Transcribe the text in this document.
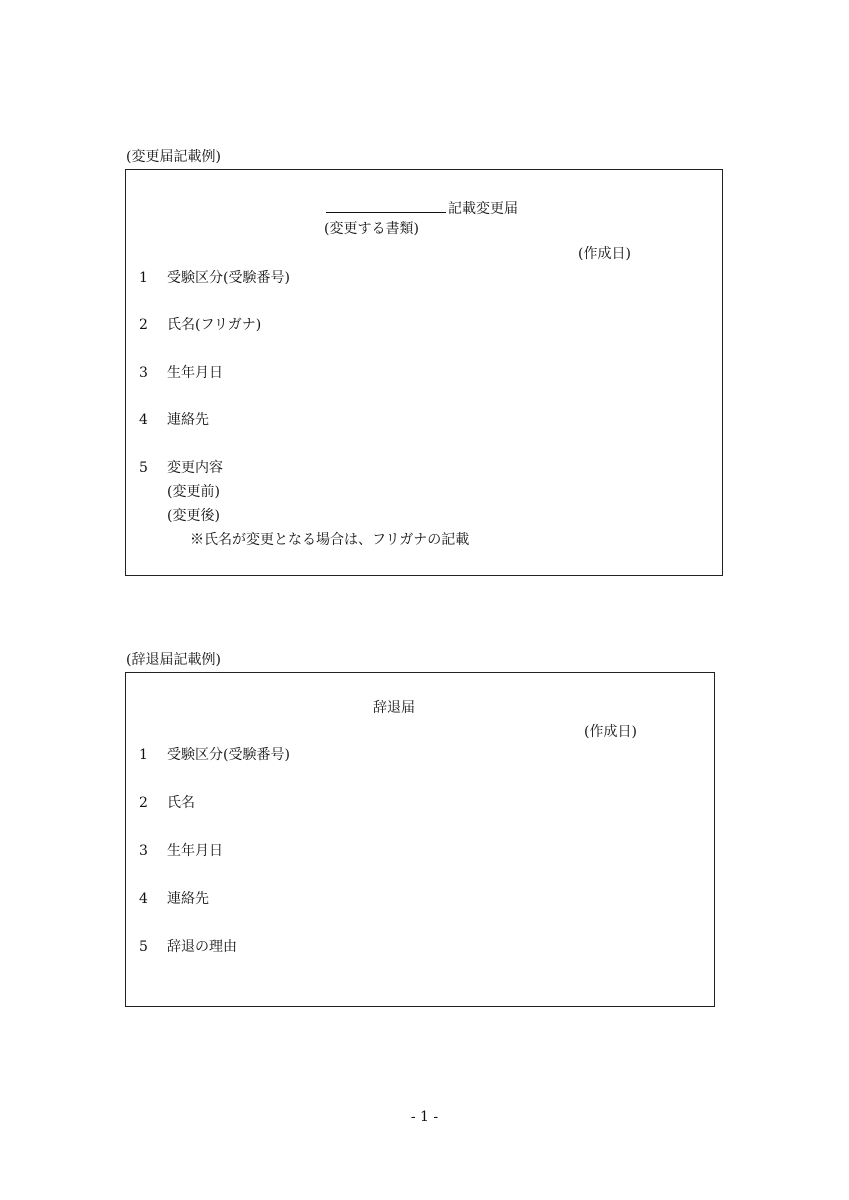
(変更届記載例)
記載変更届
(変更する書類)
(作成日)
1 受験区分(受験番号)
2 氏名(フリガナ)
3 生年月日
4 連絡先
5 変更内容
(変更前)
(変更後)
※氏名が変更となる場合は、フリガナの記載
(辞退届記載例)
辞退届
(作成日)
1 受験区分(受験番号)
2 氏名
3 生年月日
4 連絡先
5 辞退の理由
- 1 -
